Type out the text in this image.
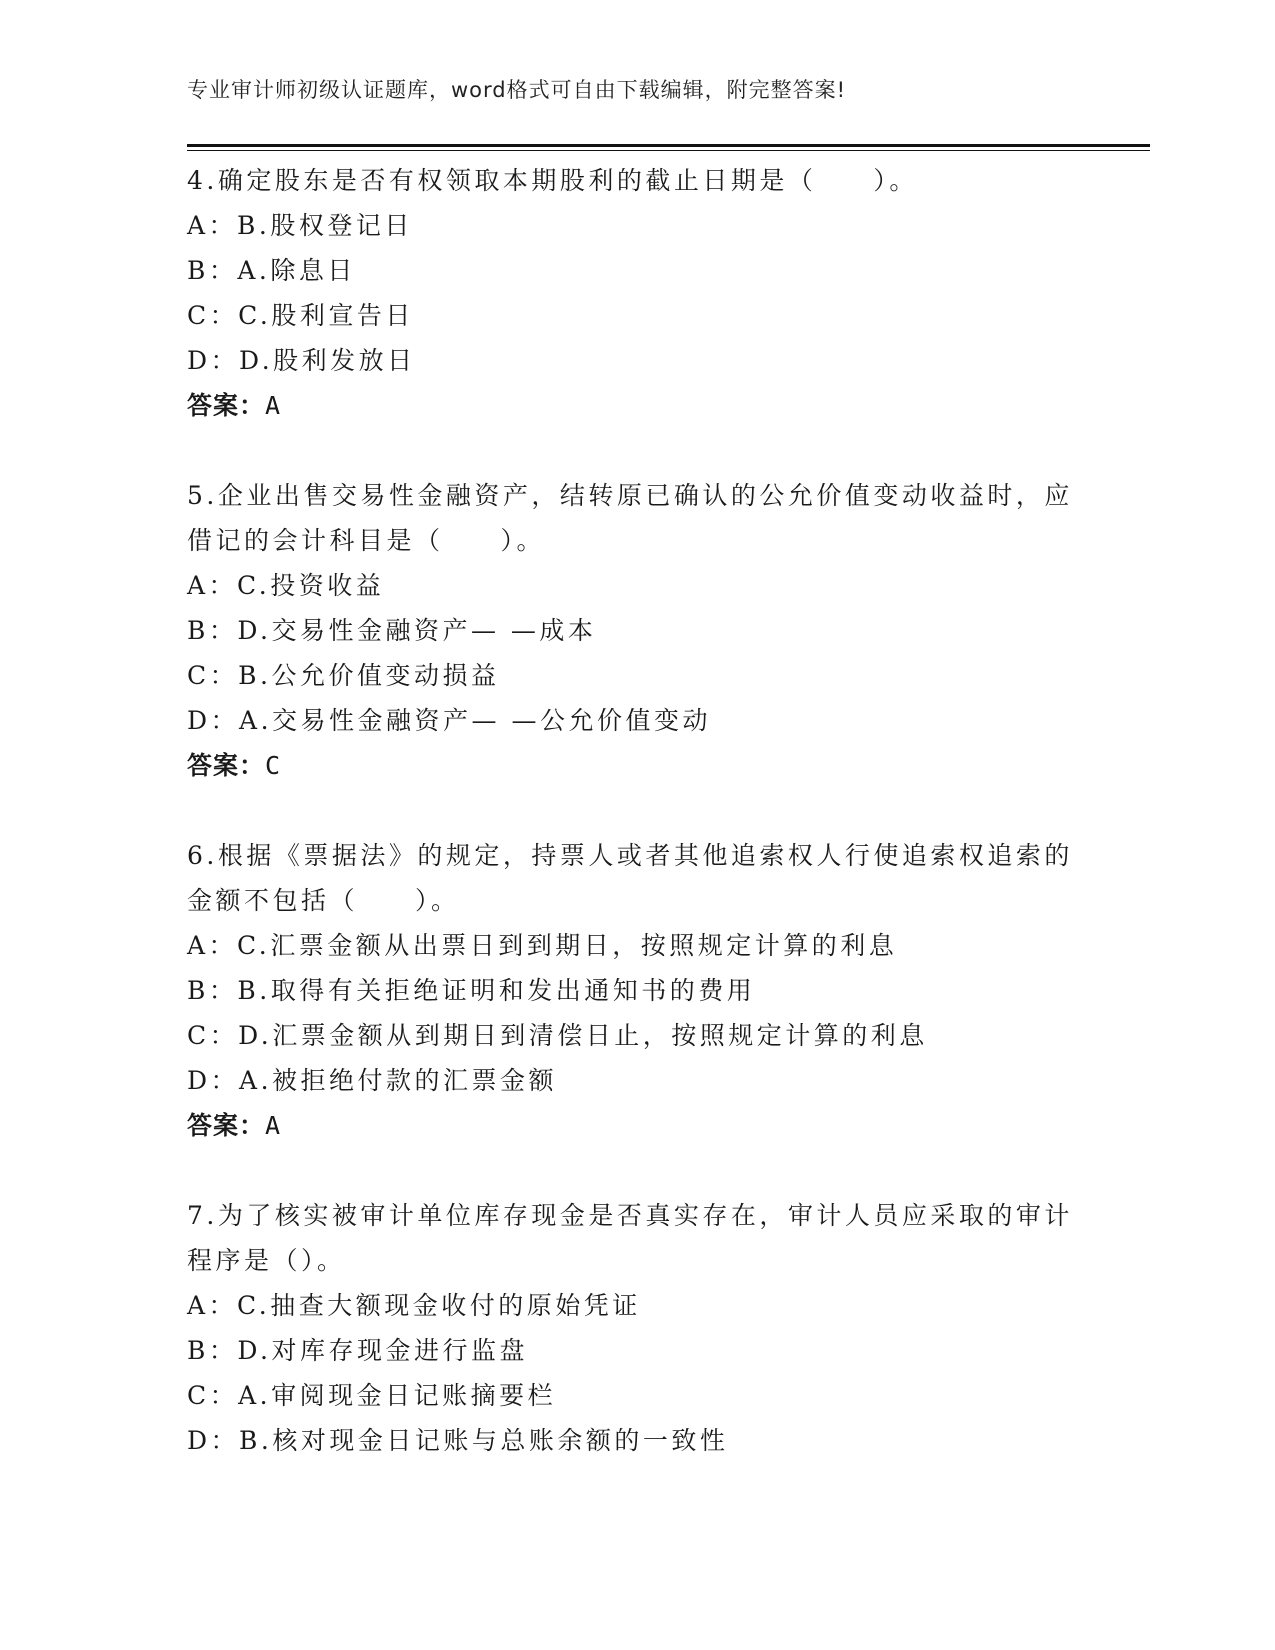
专业审计师初级认证题库，word格式可自由下载编辑，附完整答案!
4.确定股东是否有权领取本期股利的截止日期是（　　）。
A：B.股权登记日
B：A.除息日
C：C.股利宣告日
D：D.股利发放日
答案：A
5.企业出售交易性金融资产，结转原已确认的公允价值变动收益时，应借记的会计科目是（　　）。
A：C.投资收益
B：D.交易性金融资产— —成本
C：B.公允价值变动损益
D：A.交易性金融资产— —公允价值变动
答案：C
6.根据《票据法》的规定，持票人或者其他追索权人行使追索权追索的金额不包括（　　）。
A：C.汇票金额从出票日到到期日，按照规定计算的利息
B：B.取得有关拒绝证明和发出通知书的费用
C：D.汇票金额从到期日到清偿日止，按照规定计算的利息
D：A.被拒绝付款的汇票金额
答案：A
7.为了核实被审计单位库存现金是否真实存在，审计人员应采取的审计程序是（）。
A：C.抽查大额现金收付的原始凭证
B：D.对库存现金进行监盘
C：A.审阅现金日记账摘要栏
D：B.核对现金日记账与总账余额的一致性
